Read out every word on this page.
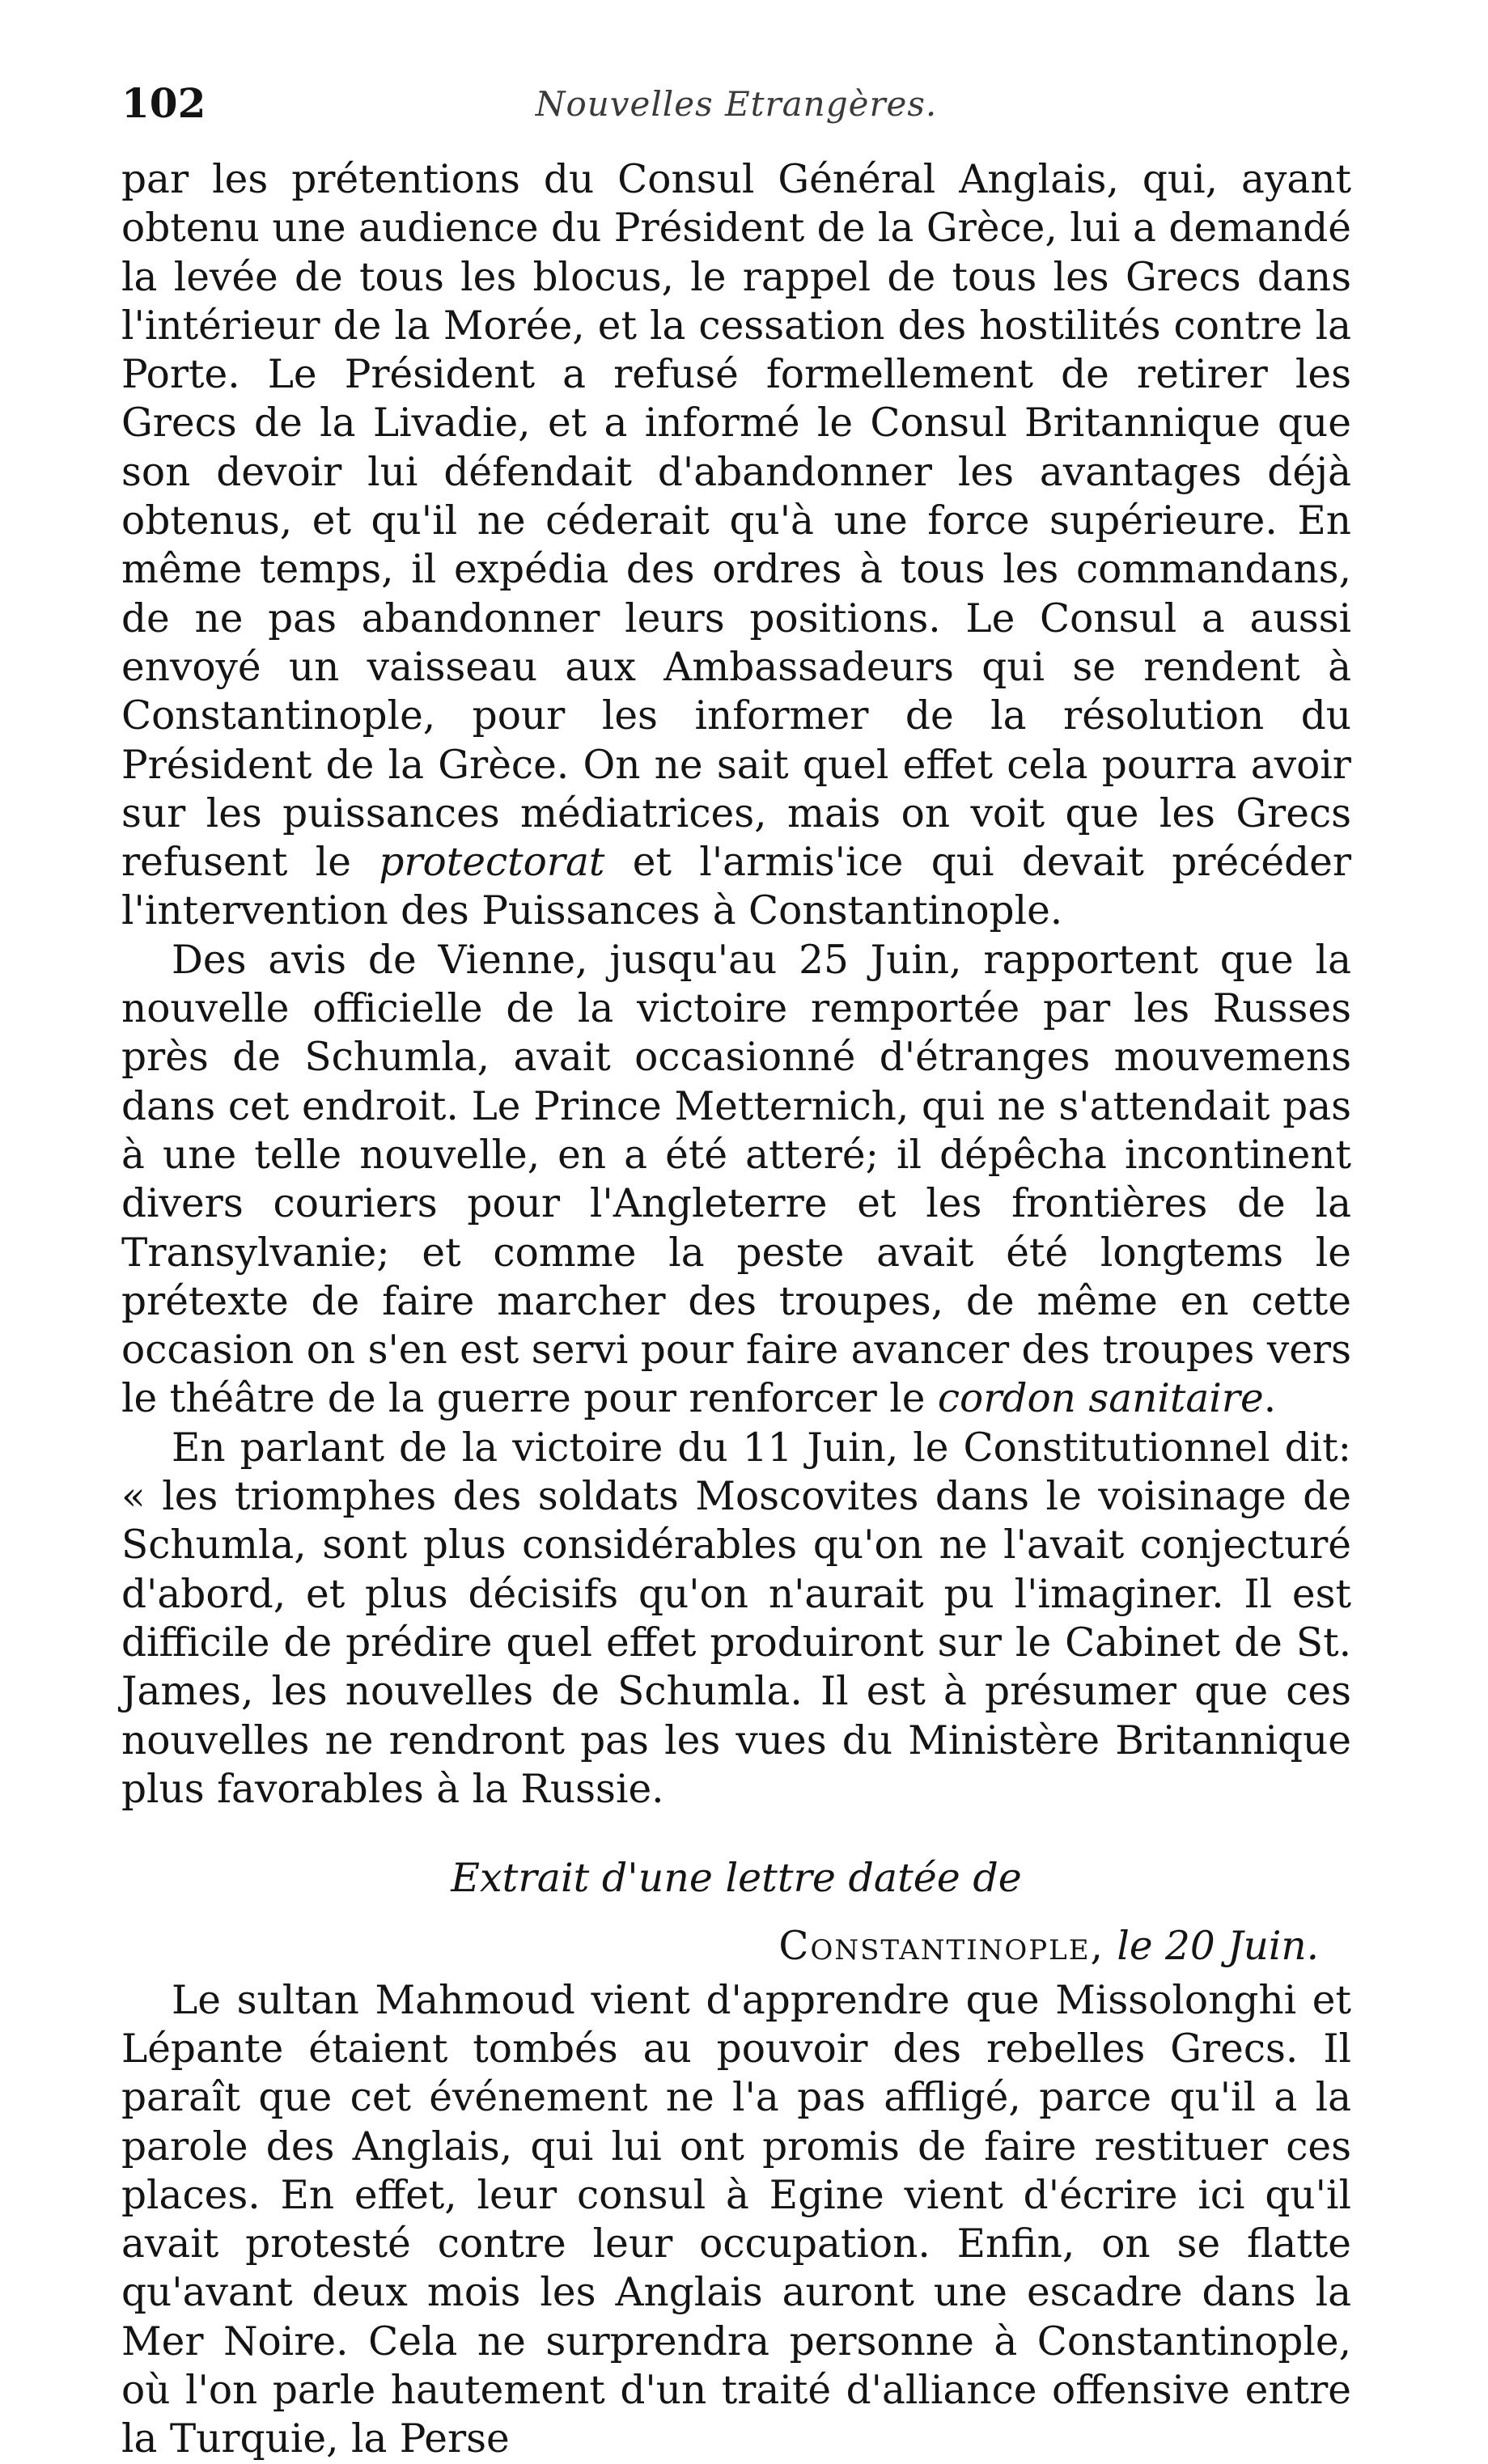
102	Nouvelles Etrangères.

par les prétentions du Consul Général Anglais, qui, ayant obtenu une audience du Président de la Grèce, lui a demandé la levée de tous les blocus, le rappel de tous les Grecs dans l'intérieur de la Morée, et la cessation des hostilités contre la Porte. Le Président a refusé formellement de retirer les Grecs de la Livadie, et a informé le Consul Britannique que son devoir lui défendait d'abandonner les avantages déjà obtenus, et qu'il ne céderait qu'à une force supérieure. En même temps, il expédia des ordres à tous les commandans, de ne pas abandonner leurs positions. Le Consul a aussi envoyé un vaisseau aux Ambassadeurs qui se rendent à Constantinople, pour les informer de la résolution du Président de la Grèce. On ne sait quel effet cela pourra avoir sur les puissances médiatrices, mais on voit que les Grecs refusent le protectorat et l'armis'ice qui devait précéder l'intervention des Puissances à Constantinople.

Des avis de Vienne, jusqu'au 25 Juin, rapportent que la nouvelle officielle de la victoire remportée par les Russes près de Schumla, avait occasionné d'étranges mouvemens dans cet endroit. Le Prince Metternich, qui ne s'attendait pas à une telle nouvelle, en a été atteré; il dépêcha incontinent divers couriers pour l'Angleterre et les frontières de la Transylvanie; et comme la peste avait été longtems le prétexte de faire marcher des troupes, de même en cette occasion on s'en est servi pour faire avancer des troupes vers le théâtre de la guerre pour renforcer le cordon sanitaire.

En parlant de la victoire du 11 Juin, le Constitutionnel dit: « les triomphes des soldats Moscovites dans le voisinage de Schumla, sont plus considérables qu'on ne l'avait conjecturé d'abord, et plus décisifs qu'on n'aurait pu l'imaginer. Il est difficile de prédire quel effet produiront sur le Cabinet de St. James, les nouvelles de Schumla. Il est à présumer que ces nouvelles ne rendront pas les vues du Ministère Britannique plus favorables à la Russie.

Extrait d'une lettre datée de

Constantinople, le 20 Juin.

Le sultan Mahmoud vient d'apprendre que Missolonghi et Lépante étaient tombés au pouvoir des rebelles Grecs. Il paraît que cet événement ne l'a pas affligé, parce qu'il a la parole des Anglais, qui lui ont promis de faire restituer ces places. En effet, leur consul à Egine vient d'écrire ici qu'il avait protesté contre leur occupation. Enfin, on se flatte qu'avant deux mois les Anglais auront une escadre dans la Mer Noire. Cela ne surprendra personne à Constantinople, où l'on parle hautement d'un traité d'alliance offensive entre la Turquie, la Perse
